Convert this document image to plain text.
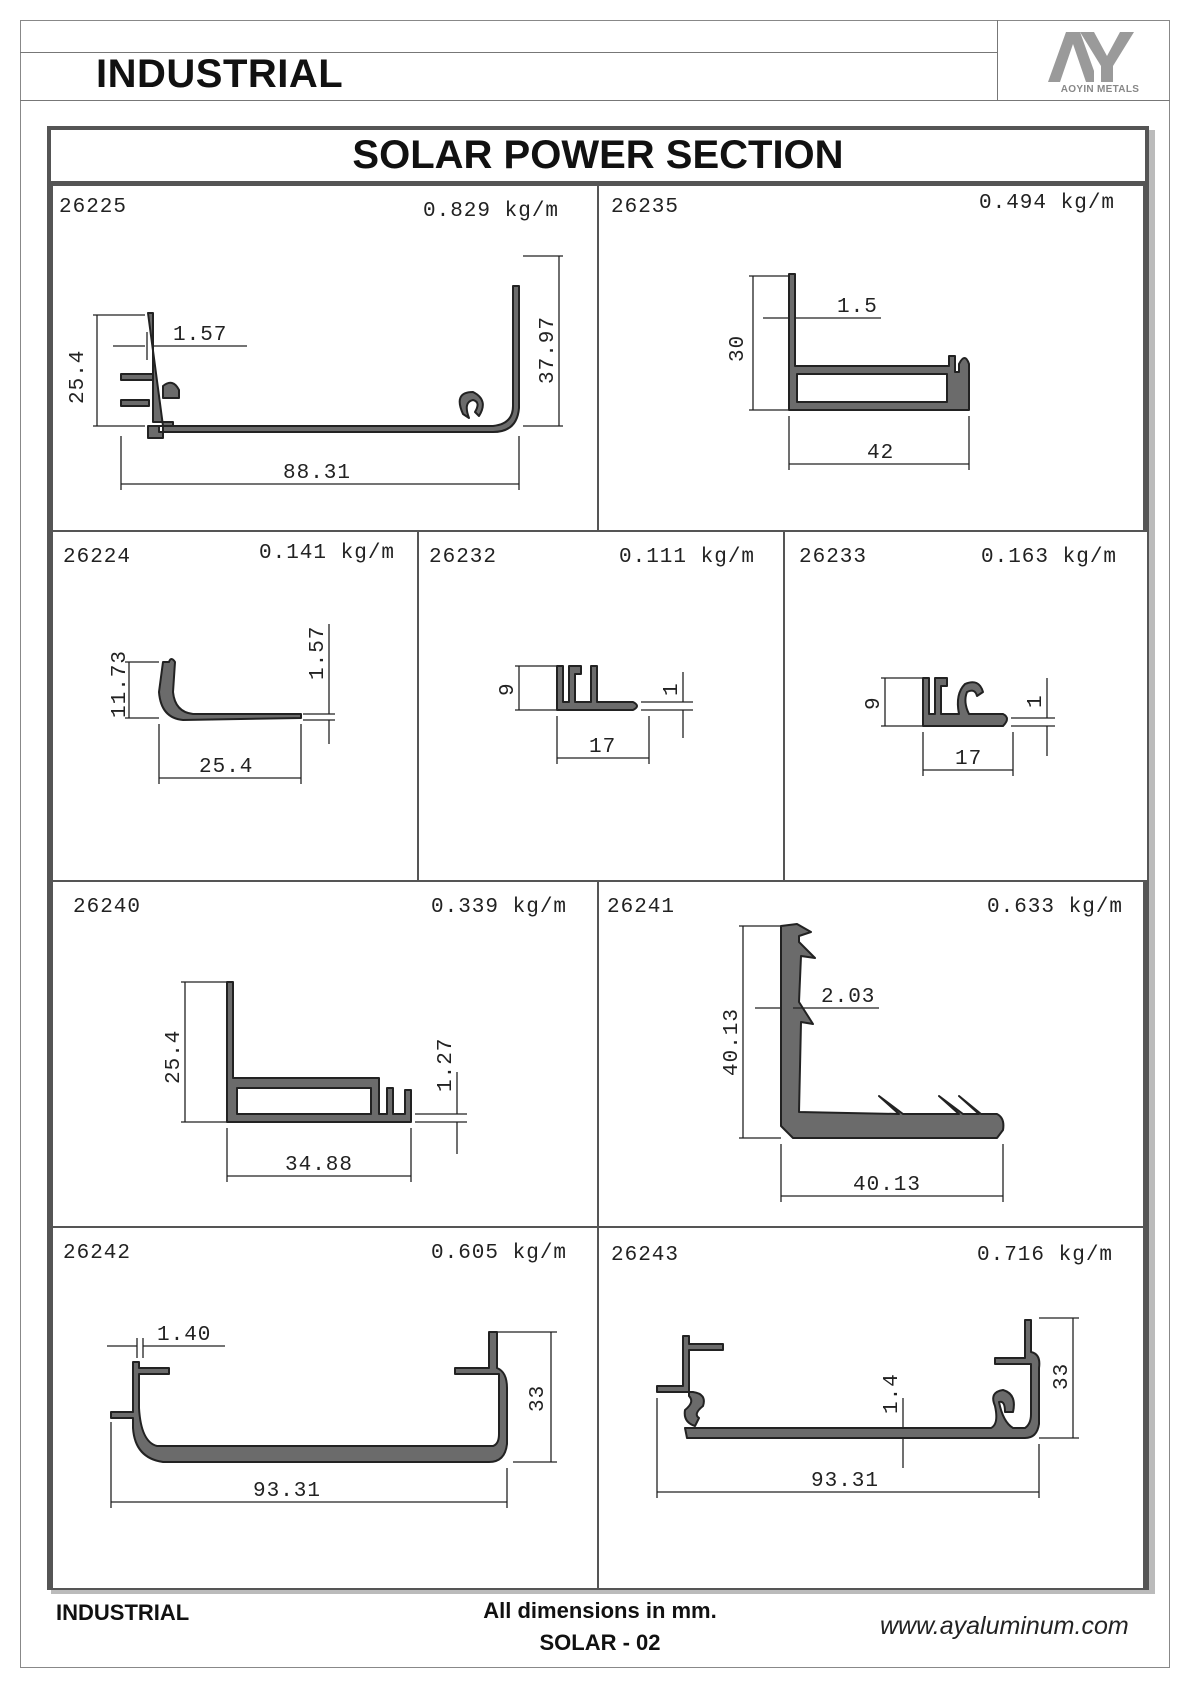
INDUSTRIAL	AOYIN METALS
SOLAR POWER SECTION
26225	0.829 kg/m
25.4
1.57	37.97
88.31
26235	0.494 kg/m
30
1.5
42
26224	0.141 kg/m
11.73	1.57
25.4
26232	0.111 kg/m
9	1
17
26233	0.163 kg/m
9	1
17
26240	0.339 kg/m
25.4	1.27
34.88
26241	0.633 kg/m
40.13
2.03
40.13
26242	0.605 kg/m
1.40
33
93.31
26243	0.716 kg/m
1.4	33
93.31
INDUSTRIAL	All dimensions in mm.
SOLAR - 02
www.ayaluminum.com
